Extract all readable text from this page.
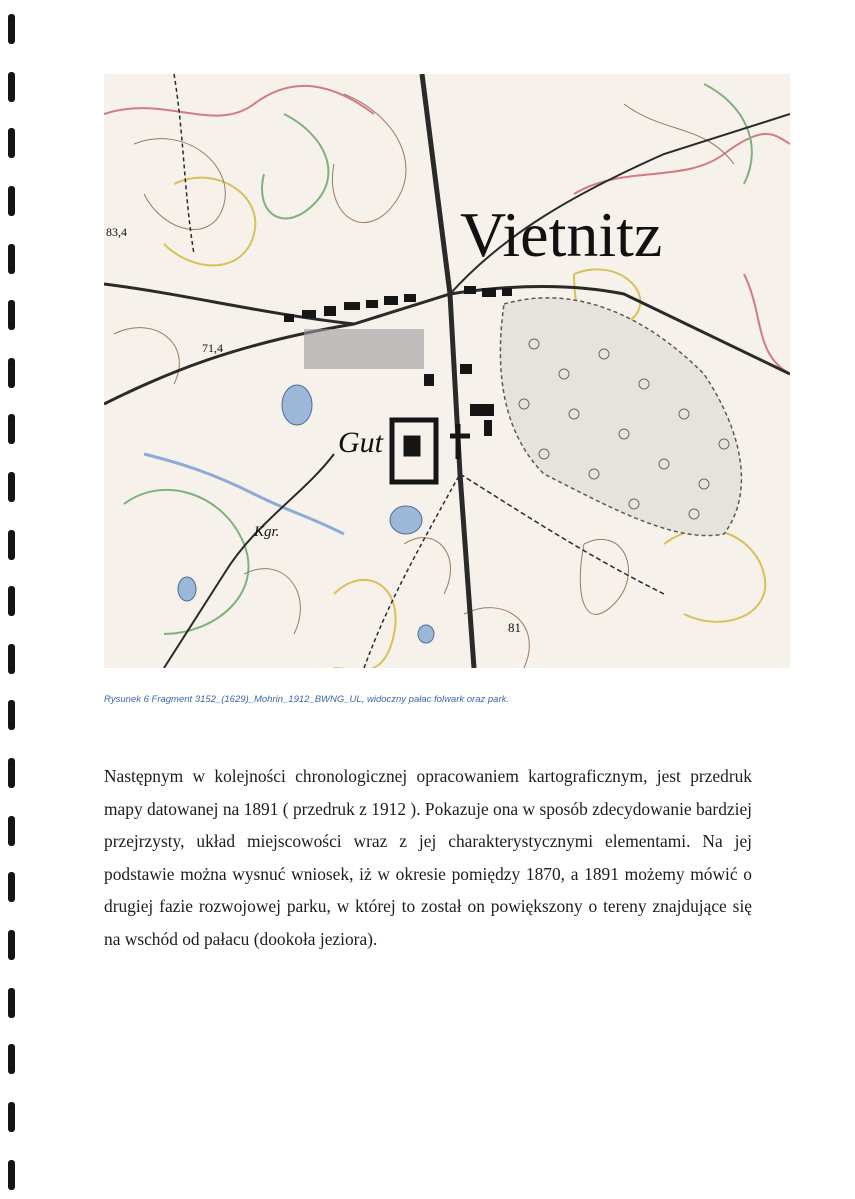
Vietnitz
Gut
Kgr.
83,4
71,4
81
Rysunek 6 Fragment 3152_(1629)_Mohrin_1912_BWNG_UL, widoczny pałac folwark oraz park.

Następnym w kolejności chronologicznej opracowaniem kartograficznym, jest przedruk mapy datowanej na 1891 ( przedruk z 1912 ). Pokazuje ona w sposób zdecydowanie bardziej przejrzysty, układ miejscowości wraz z jej charakterystycznymi elementami. Na jej podstawie można wysnuć wniosek, iż w okresie pomiędzy 1870, a 1891 możemy mówić o drugiej fazie rozwojowej parku, w której to został on powiększony o tereny znajdujące się na wschód od pałacu (dookoła jeziora).
